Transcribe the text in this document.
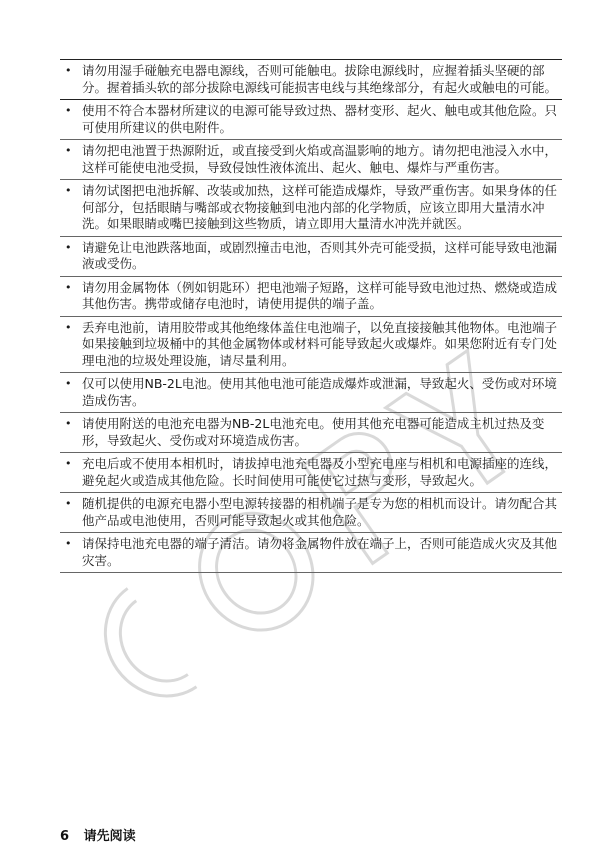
• 请勿用湿手碰触充电器电源线，否则可能触电。拔除电源线时，应握着插头坚硬的部分。握着插头软的部分拔除电源线可能损害电线与其绝缘部分，有起火或触电的可能。
• 使用不符合本器材所建议的电源可能导致过热、器材变形、起火、触电或其他危险。只可使用所建议的供电附件。
• 请勿把电池置于热源附近，或直接受到火焰或高温影响的地方。请勿把电池浸入水中，这样可能使电池受损，导致侵蚀性液体流出、起火、触电、爆炸与严重伤害。
• 请勿试图把电池拆解、改装或加热，这样可能造成爆炸，导致严重伤害。如果身体的任何部分，包括眼睛与嘴部或衣物接触到电池内部的化学物质，应该立即用大量清水冲洗。如果眼睛或嘴巴接触到这些物质，请立即用大量清水冲洗并就医。
• 请避免让电池跌落地面，或剧烈撞击电池，否则其外壳可能受损，这样可能导致电池漏液或受伤。
• 请勿用金属物体（例如钥匙环）把电池端子短路，这样可能导致电池过热、燃烧或造成其他伤害。携带或储存电池时，请使用提供的端子盖。
• 丢弃电池前，请用胶带或其他绝缘体盖住电池端子，以免直接接触其他物体。电池端子如果接触到垃圾桶中的其他金属物体或材料可能导致起火或爆炸。如果您附近有专门处理电池的垃圾处理设施，请尽量利用。
• 仅可以使用NB-2L电池。使用其他电池可能造成爆炸或泄漏，导致起火、受伤或对环境造成伤害。
• 请使用附送的电池充电器为NB-2L电池充电。使用其他充电器可能造成主机过热及变形，导致起火、受伤或对环境造成伤害。
• 充电后或不使用本相机时，请拔掉电池充电器及小型充电座与相机和电源插座的连线，避免起火或造成其他危险。长时间使用可能使它过热与变形，导致起火。
• 随机提供的电源充电器小型电源转接器的相机端子是专为您的相机而设计。请勿配合其他产品或电池使用，否则可能导致起火或其他危险。
• 请保持电池充电器的端子清洁。请勿将金属物件放在端子上，否则可能造成火灾及其他灾害。
6 请先阅读
